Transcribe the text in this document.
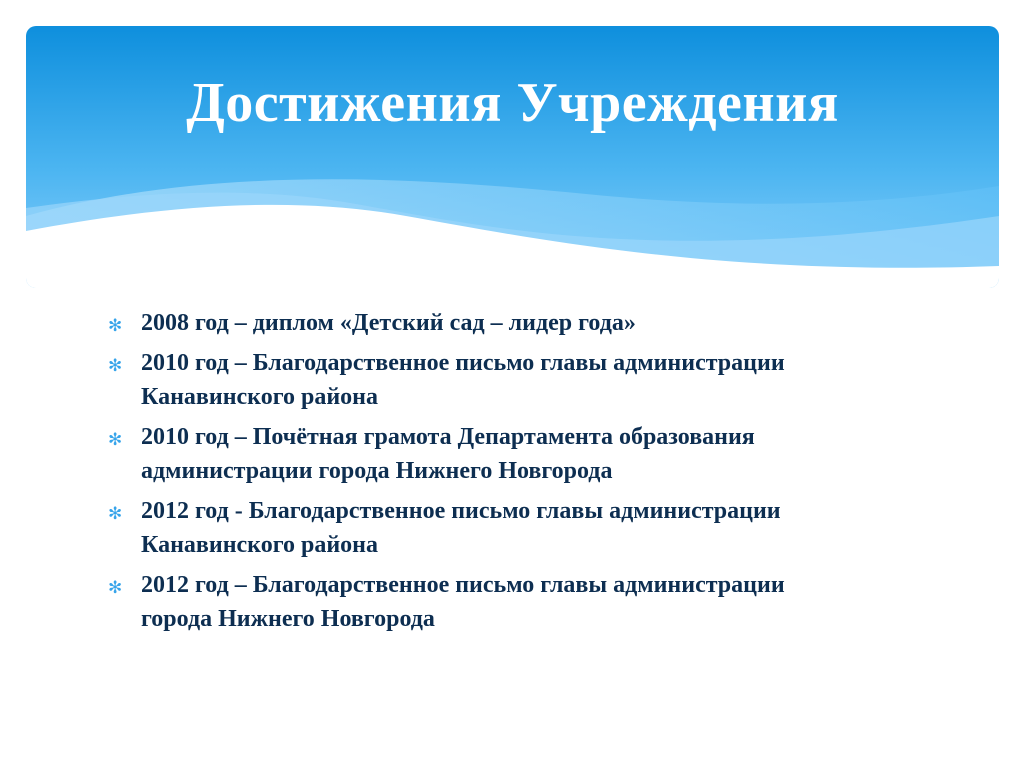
Достижения Учреждения
✻ 2008 год – диплом «Детский сад – лидер года»
✻ 2010 год – Благодарственное письмо главы администрации Канавинского района
✻ 2010 год – Почётная грамота Департамента образования администрации города Нижнего Новгорода
✻ 2012 год - Благодарственное письмо главы администрации Канавинского района
✻ 2012 год – Благодарственное письмо главы администрации города Нижнего Новгорода
